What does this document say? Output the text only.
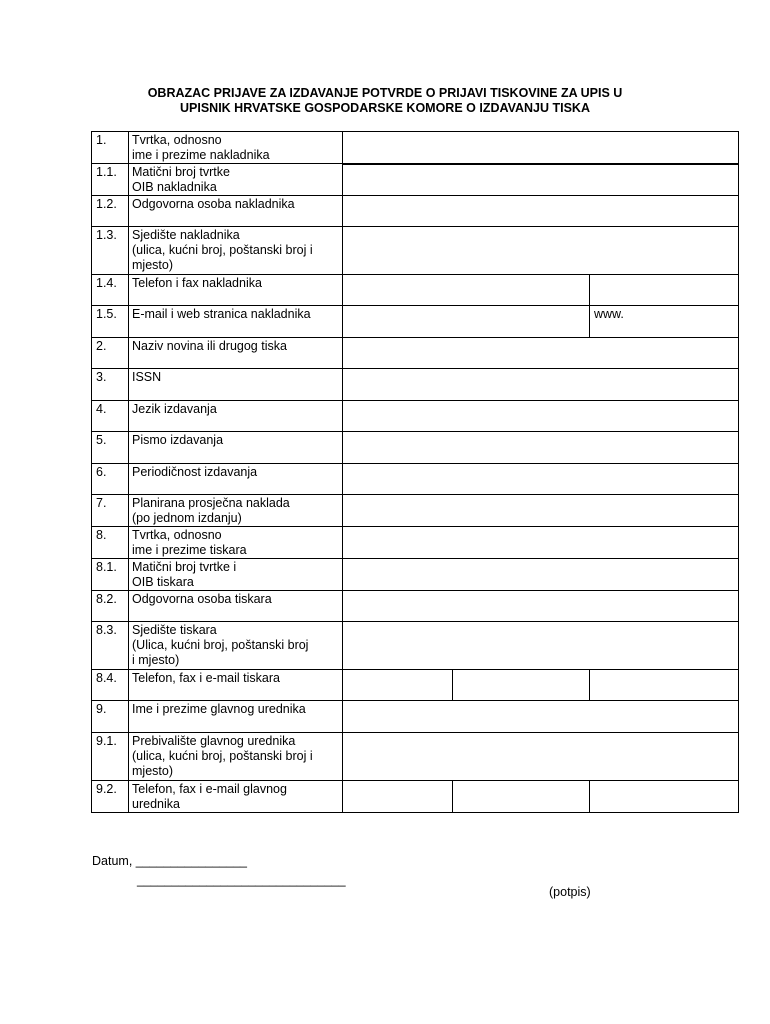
OBRAZAC PRIJAVE ZA IZDAVANJE POTVRDE O PRIJAVI TISKOVINE ZA UPIS U
UPISNIK HRVATSKE GOSPODARSKE KOMORE O IZDAVANJU TISKA
1.	Tvrtka, odnosno
ime i prezime nakladnika			

1.1.	Matični broj tvrtke
OIB nakladnika			

1.2.	Odgovorna osoba nakladnika			

1.3.	Sjedište nakladnika
(ulica, kućni broj, poštanski broj i
mjesto)			

1.4.	Telefon i fax nakladnika			

1.5.	E-mail i web stranica nakladnika			www.
2.	Naziv novina ili drugog tiska			

3.	ISSN			

4.	Jezik izdavanja			

5.	Pismo izdavanja			

6.	Periodičnost izdavanja			

7.	Planirana prosječna naklada
(po jednom izdanju)			

8.	Tvrtka, odnosno
ime i prezime tiskara			

8.1.	Matični broj tvrtke i
OIB tiskara			

8.2.	Odgovorna osoba tiskara			

8.3.	Sjedište tiskara
(Ulica, kućni broj, poštanski broj
i mjesto)			

8.4.	Telefon, fax i e-mail tiskara			

9.	Ime i prezime glavnog urednika			

9.1.	Prebivalište glavnog urednika
(ulica, kućni broj, poštanski broj i
mjesto)			

9.2.	Telefon, fax i e-mail glavnog
urednika			

Datum, ________________
______________________________
(potpis)
